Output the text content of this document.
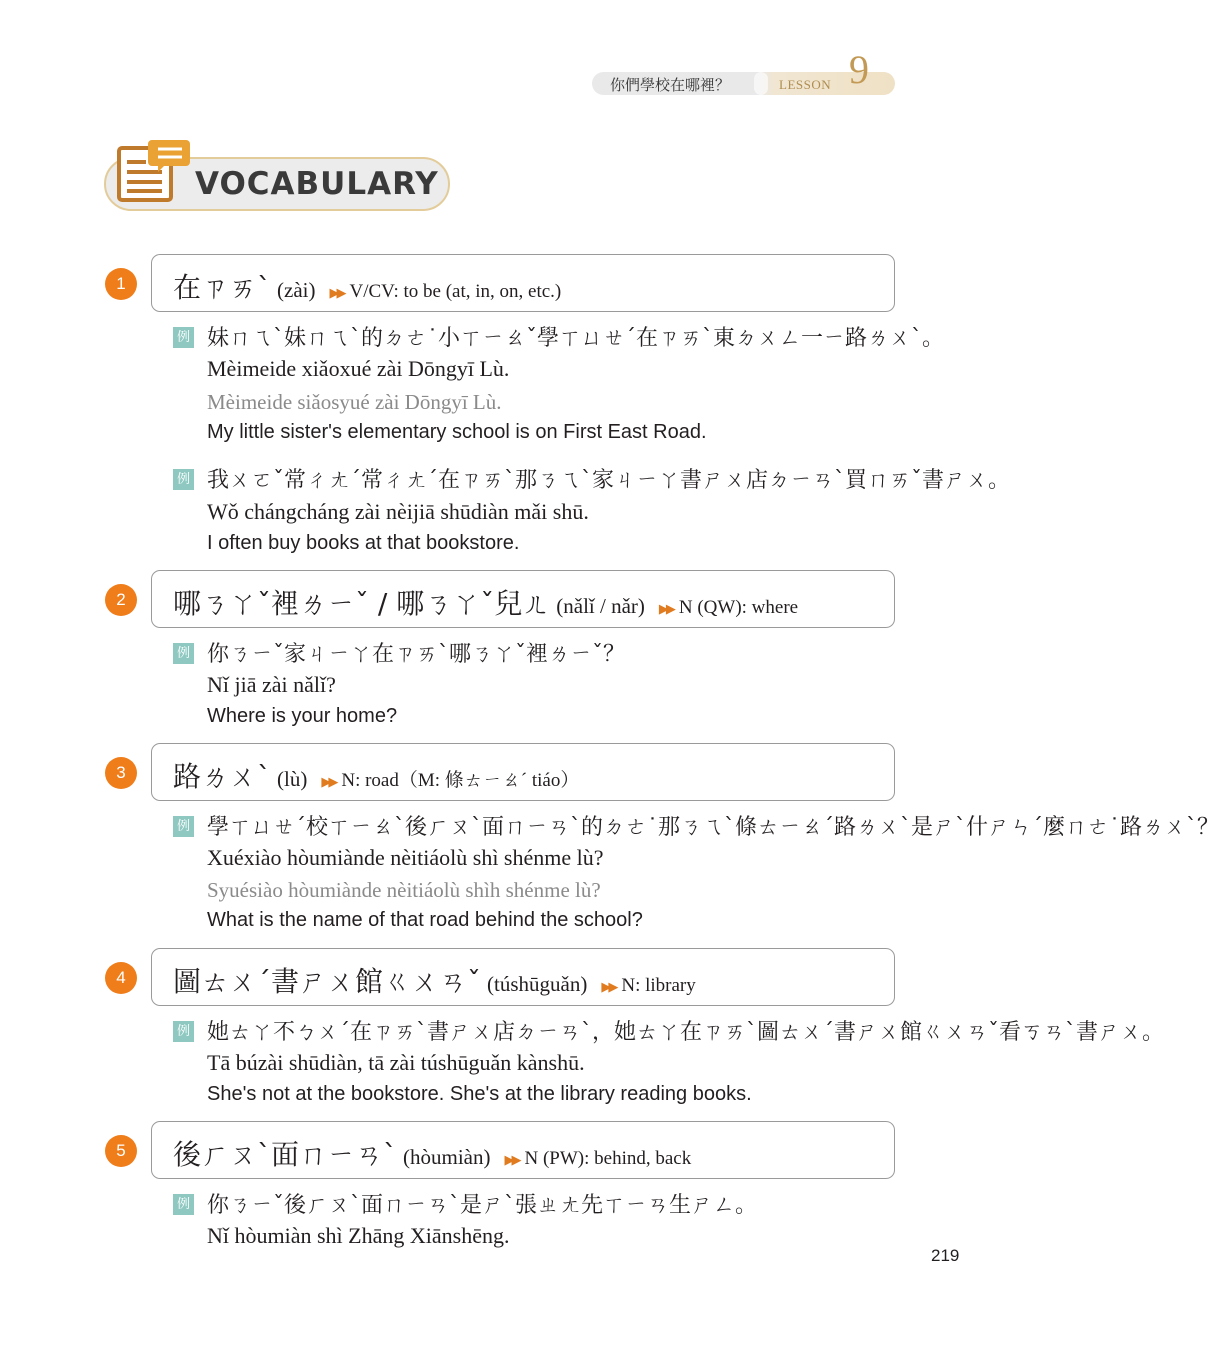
你們學校在哪裡？	LESSON 9
VOCABULARY
1	在ㄗㄞˋ (zài) ▶▶ V/CV: to be (at, in, on, etc.)
例 妹ㄇㄟˋ妹ㄇㄟˋ的ㄉㄜ˙小ㄒㄧㄠˇ學ㄒㄩㄝˊ在ㄗㄞˋ東ㄉㄨㄥ一ㄧ路ㄌㄨˋ。
Mèimeide xiǎoxué zài Dōngyī Lù.
Mèimeide siǎosyué zài Dōngyī Lù.
My little sister's elementary school is on First East Road.
例 我ㄨㄛˇ常ㄔㄤˊ常ㄔㄤˊ在ㄗㄞˋ那ㄋㄟˋ家ㄐㄧㄚ書ㄕㄨ店ㄉㄧㄢˋ買ㄇㄞˇ書ㄕㄨ。
Wǒ chángcháng zài nèijiā shūdiàn mǎi shū.
I often buy books at that bookstore.
2	哪ㄋㄚˇ裡ㄌㄧˇ / 哪ㄋㄚˇ兒ㄦ (nǎlǐ / nǎr) ▶▶ N (QW): where
例 你ㄋㄧˇ家ㄐㄧㄚ在ㄗㄞˋ哪ㄋㄚˇ裡ㄌㄧˇ？
Nǐ jiā zài nǎlǐ?
Where is your home?
3	路ㄌㄨˋ (lù) ▶▶ N: road（M: 條ㄊㄧㄠˊ tiáo）
例 學ㄒㄩㄝˊ校ㄒㄧㄠˋ後ㄏㄡˋ面ㄇㄧㄢˋ的ㄉㄜ˙那ㄋㄟˋ條ㄊㄧㄠˊ路ㄌㄨˋ是ㄕˋ什ㄕㄣˊ麼ㄇㄜ˙路ㄌㄨˋ？
Xuéxiào hòumiànde nèitiáolù shì shénme lù?
Syuésiào hòumiànde nèitiáolù shìh shénme lù?
What is the name of that road behind the school?
4	圖ㄊㄨˊ書ㄕㄨ館ㄍㄨㄢˇ (túshūguǎn) ▶▶ N: library
例 她ㄊㄚ不ㄅㄨˊ在ㄗㄞˋ書ㄕㄨ店ㄉㄧㄢˋ，她ㄊㄚ在ㄗㄞˋ圖ㄊㄨˊ書ㄕㄨ館ㄍㄨㄢˇ看ㄎㄢˋ書ㄕㄨ。
Tā búzài shūdiàn, tā zài túshūguǎn kànshū.
She's not at the bookstore. She's at the library reading books.
5	後ㄏㄡˋ面ㄇㄧㄢˋ (hòumiàn) ▶▶ N (PW): behind, back
例 你ㄋㄧˇ後ㄏㄡˋ面ㄇㄧㄢˋ是ㄕˋ張ㄓㄤ先ㄒㄧㄢ生ㄕㄥ。
Nǐ hòumiàn shì Zhāng Xiānshēng.
219
